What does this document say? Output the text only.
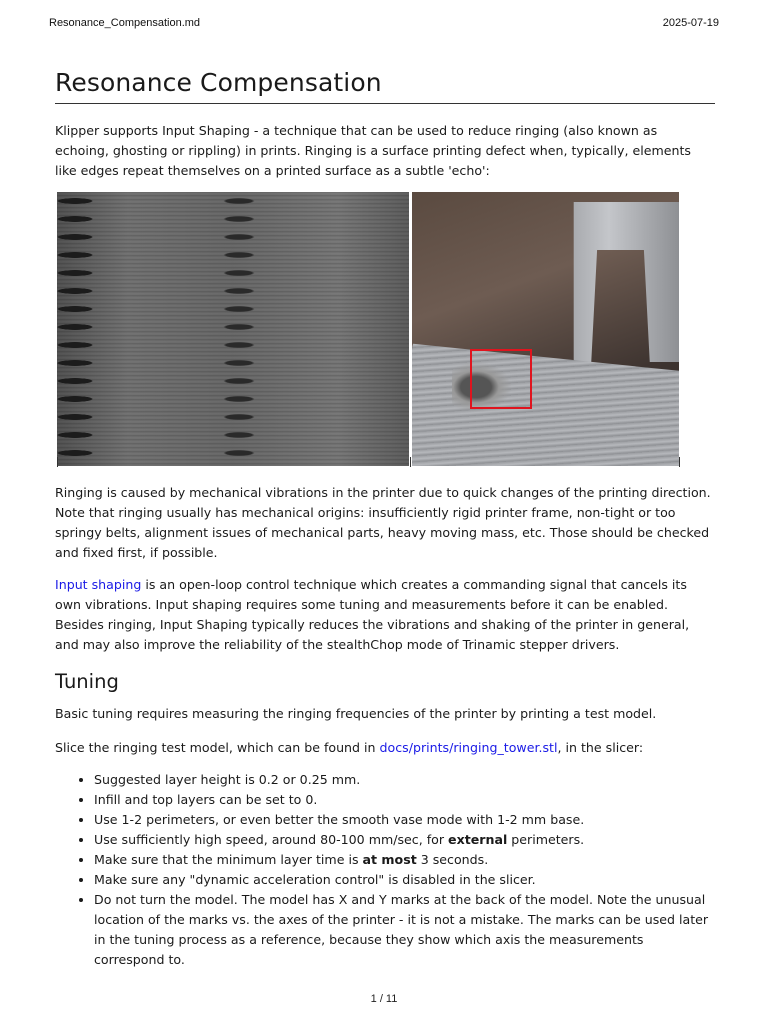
Resonance_Compensation.md	2025-07-19
Resonance Compensation

Klipper supports Input Shaping - a technique that can be used to reduce ringing (also known as echoing, ghosting or rippling) in prints. Ringing is a surface printing defect when, typically, elements like edges repeat themselves on a printed surface as a subtle 'echo':

Ringing is caused by mechanical vibrations in the printer due to quick changes of the printing direction. Note that ringing usually has mechanical origins: insufficiently rigid printer frame, non-tight or too springy belts, alignment issues of mechanical parts, heavy moving mass, etc. Those should be checked and fixed first, if possible.

Input shaping is an open-loop control technique which creates a commanding signal that cancels its own vibrations. Input shaping requires some tuning and measurements before it can be enabled. Besides ringing, Input Shaping typically reduces the vibrations and shaking of the printer in general, and may also improve the reliability of the stealthChop mode of Trinamic stepper drivers.

Tuning

Basic tuning requires measuring the ringing frequencies of the printer by printing a test model.

Slice the ringing test model, which can be found in docs/prints/ringing_tower.stl, in the slicer:

• Suggested layer height is 0.2 or 0.25 mm.
• Infill and top layers can be set to 0.
• Use 1-2 perimeters, or even better the smooth vase mode with 1-2 mm base.
• Use sufficiently high speed, around 80-100 mm/sec, for external perimeters.
• Make sure that the minimum layer time is at most 3 seconds.
• Make sure any "dynamic acceleration control" is disabled in the slicer.
• Do not turn the model. The model has X and Y marks at the back of the model. Note the unusual location of the marks vs. the axes of the printer - it is not a mistake. The marks can be used later in the tuning process as a reference, because they show which axis the measurements correspond to.
1 / 11
